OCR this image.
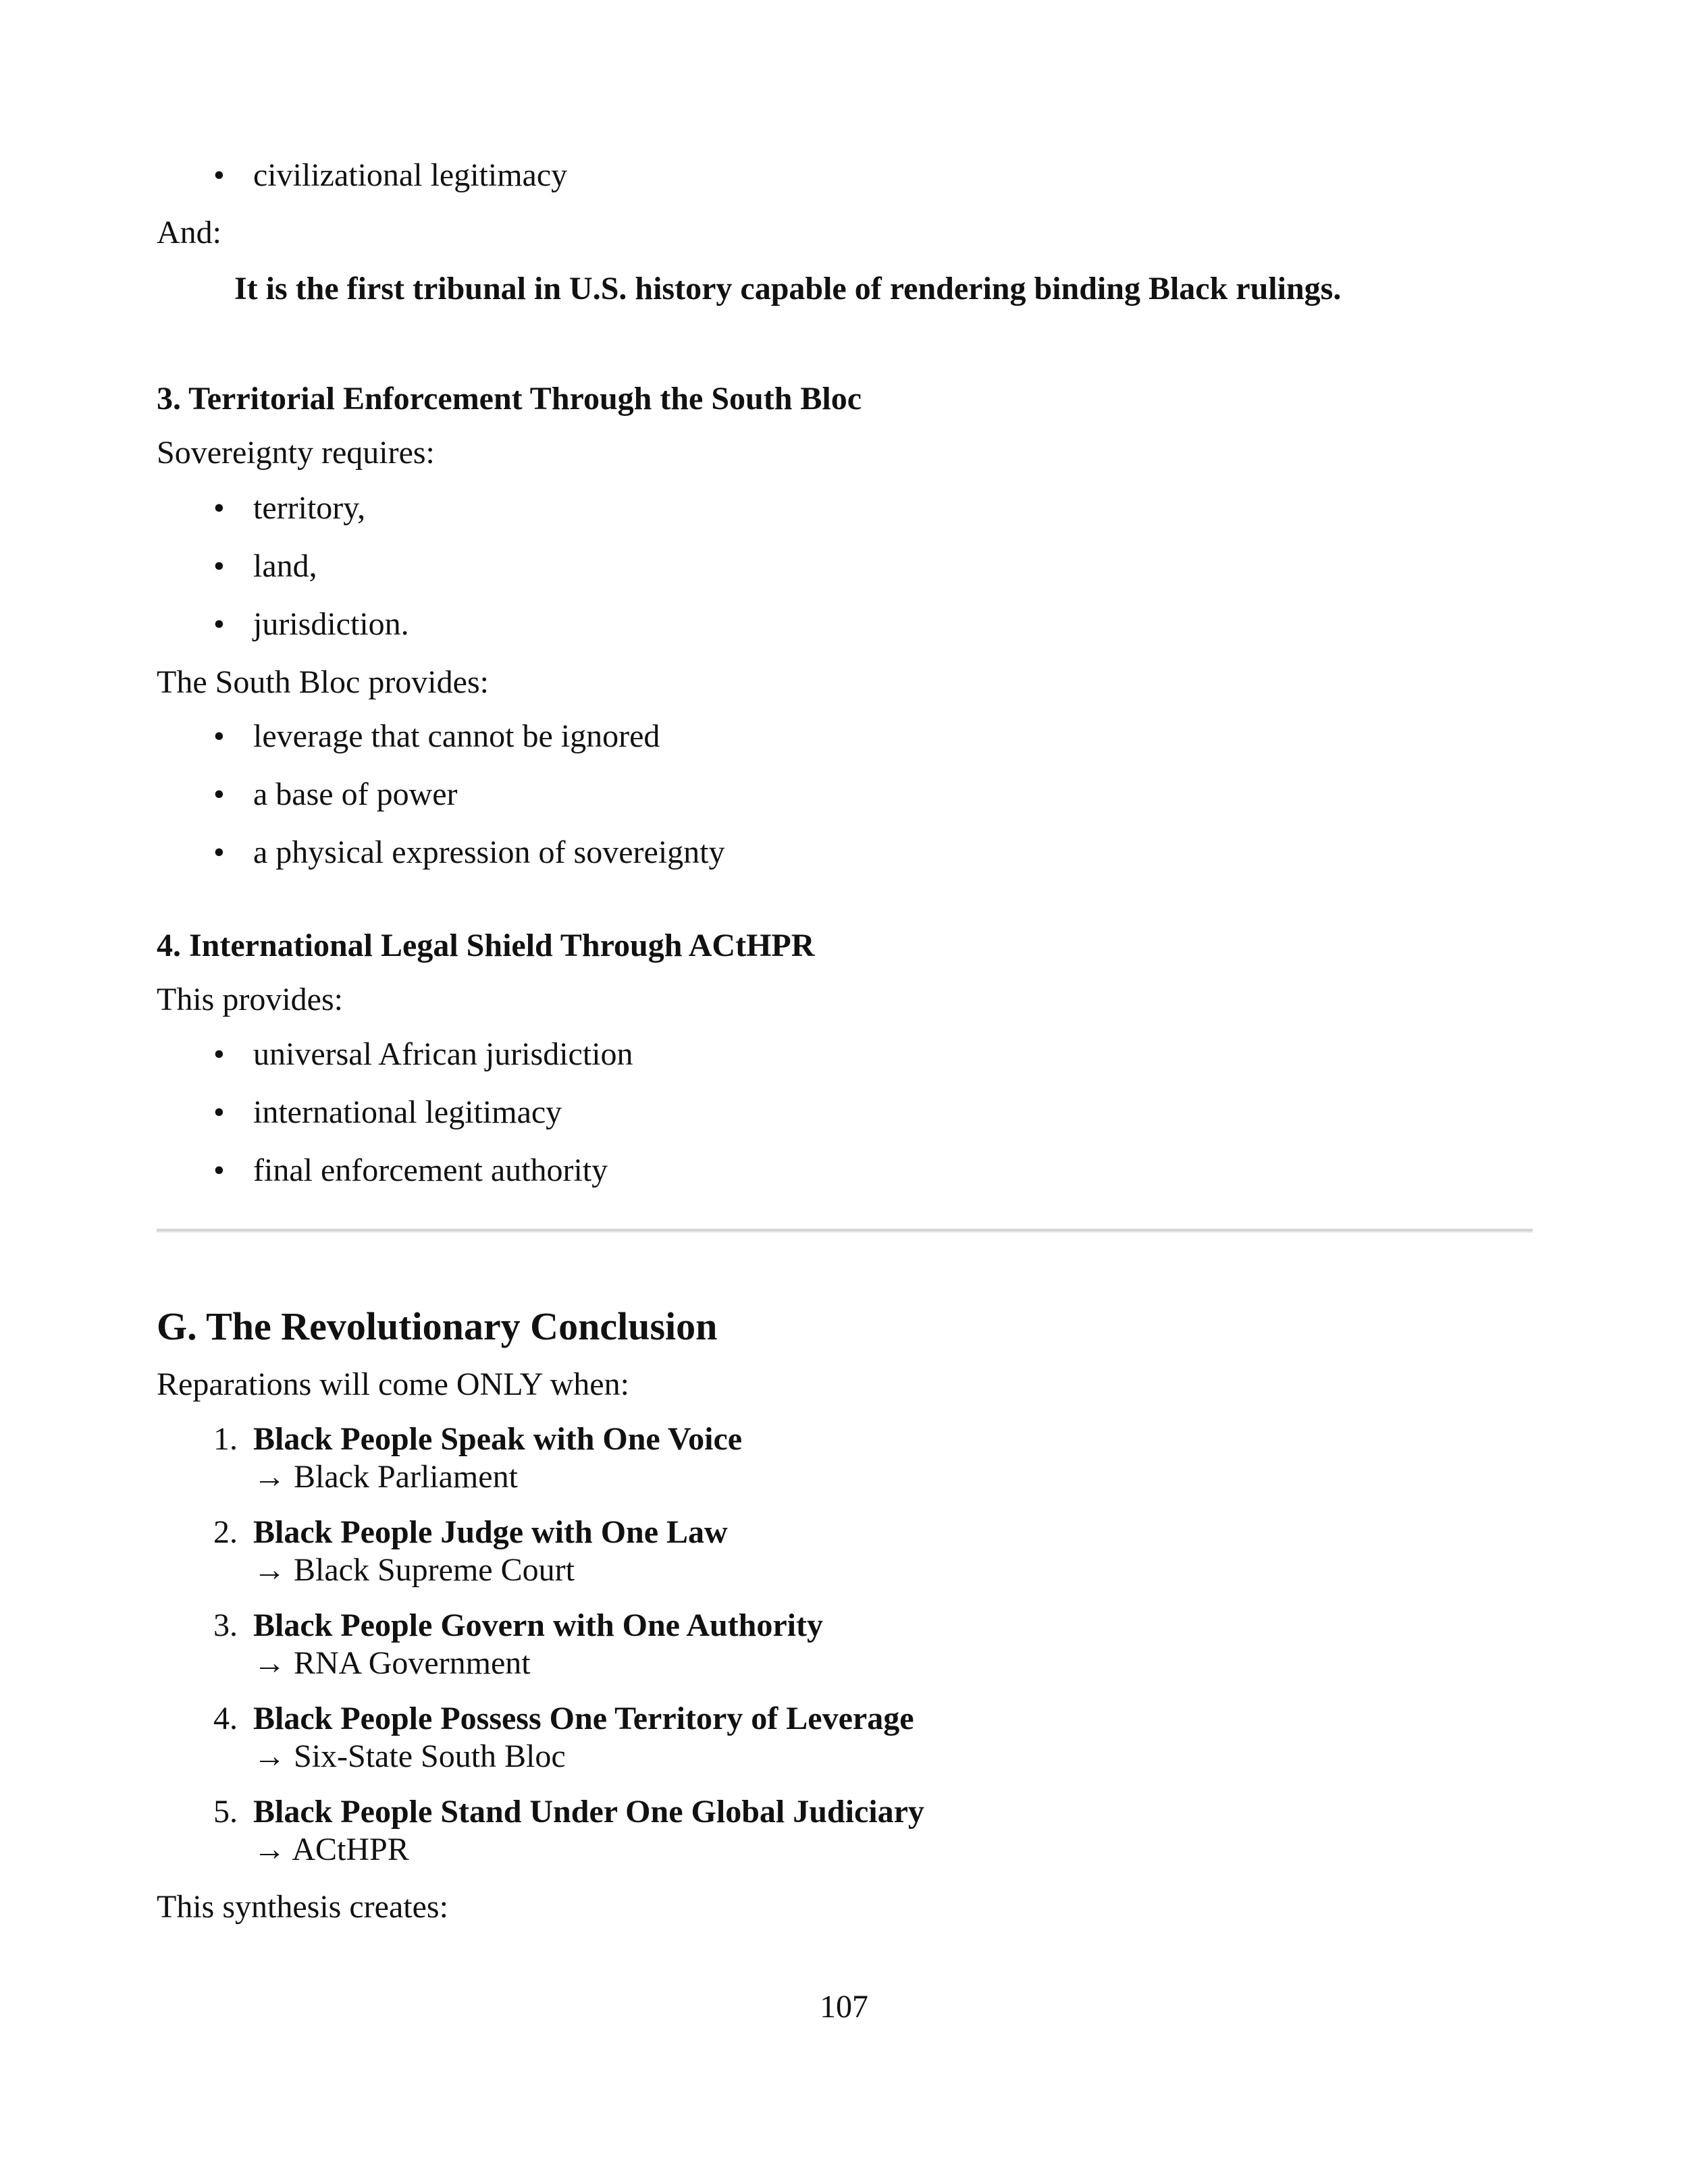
• civilizational legitimacy

And:

It is the first tribunal in U.S. history capable of rendering binding Black rulings.

3. Territorial Enforcement Through the South Bloc

Sovereignty requires:

• territory,
• land,
• jurisdiction.

The South Bloc provides:

• leverage that cannot be ignored
• a base of power
• a physical expression of sovereignty

4. International Legal Shield Through ACtHPR

This provides:

• universal African jurisdiction
• international legitimacy
• final enforcement authority

G. The Revolutionary Conclusion

Reparations will come ONLY when:

1. Black People Speak with One Voice
→ Black Parliament
2. Black People Judge with One Law
→ Black Supreme Court
3. Black People Govern with One Authority
→ RNA Government
4. Black People Possess One Territory of Leverage
→ Six-State South Bloc
5. Black People Stand Under One Global Judiciary
→ ACtHPR

This synthesis creates:

107
